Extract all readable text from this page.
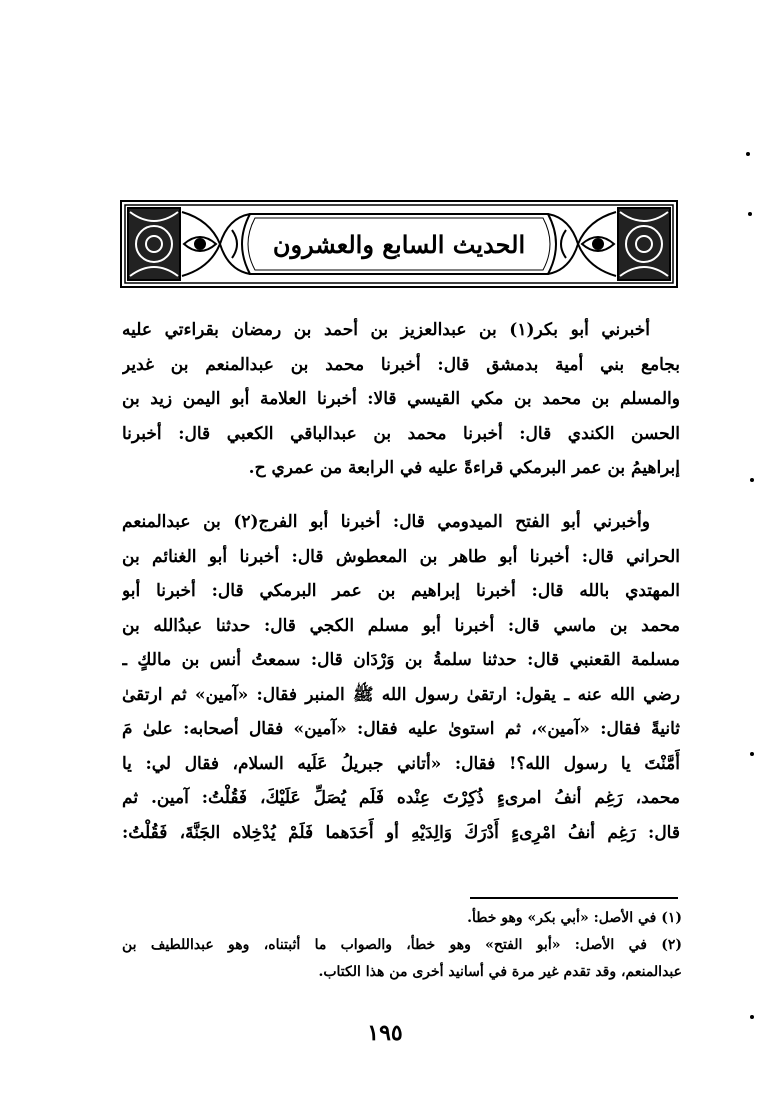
الحديث السابع والعشرون

أخبرني أبو بكر(١) بن عبدالعزيز بن أحمد بن رمضان بقراءتي عليه
بجامع بني أمية بدمشق قال: أخبرنا محمد بن عبدالمنعم بن غدير
والمسلم بن محمد بن مكي القيسي قالا: أخبرنا العلامة أبو اليمن زيد بن
الحسن الكندي قال: أخبرنا محمد بن عبدالباقي الكعبي قال: أخبرنا
إبراهيمُ بن عمر البرمكي قراءةً عليه في الرابعة من عمري ح.

وأخبرني أبو الفتح الميدومي قال: أخبرنا أبو الفرج(٢) بن عبدالمنعم
الحراني قال: أخبرنا أبو طاهر بن المعطوش قال: أخبرنا أبو الغنائم بن
المهتدي بالله قال: أخبرنا إبراهيم بن عمر البرمكي قال: أخبرنا أبو
محمد بن ماسي قال: أخبرنا أبو مسلم الكجي قال: حدثنا عبدُالله بن
مسلمة القعنبي قال: حدثنا سلمةُ بن وَرْدَان قال: سمعتُ أنس بن مالكٍ ـ
رضي الله عنه ـ يقول: ارتقىٰ رسول الله ﷺ المنبر فقال: «آمين» ثم ارتقىٰ
ثانيةً فقال: «آمين»، ثم استوىٰ عليه فقال: «آمين» فقال أصحابه: علىٰ مَ
أَمَّنْتَ يا رسول الله؟! فقال: «أتاني جبريلُ عَلَيه السلام، فقال لي: يا
محمد، رَغِم أنفُ امرىءٍ ذُكِرْتَ عِنْده فَلَم يُصَلِّ عَلَيْكَ، فَقُلْتُ: آمين. ثم
قال: رَغِم أنفُ امْرِىءٍ أَدْرَكَ وَالِدَيْهِ أو أَحَدَهما فَلَمْ يُدْخِلاه الجَنَّةَ، فَقُلْتُ:

(١) في الأصل: «أبي بكر» وهو خطأ.
(٢) في الأصل: «أبو الفتح» وهو خطأ، والصواب ما أثبتناه، وهو عبداللطيف بن
عبدالمنعم، وقد تقدم غير مرة في أسانيد أخرى من هذا الكتاب.
١٩٥
